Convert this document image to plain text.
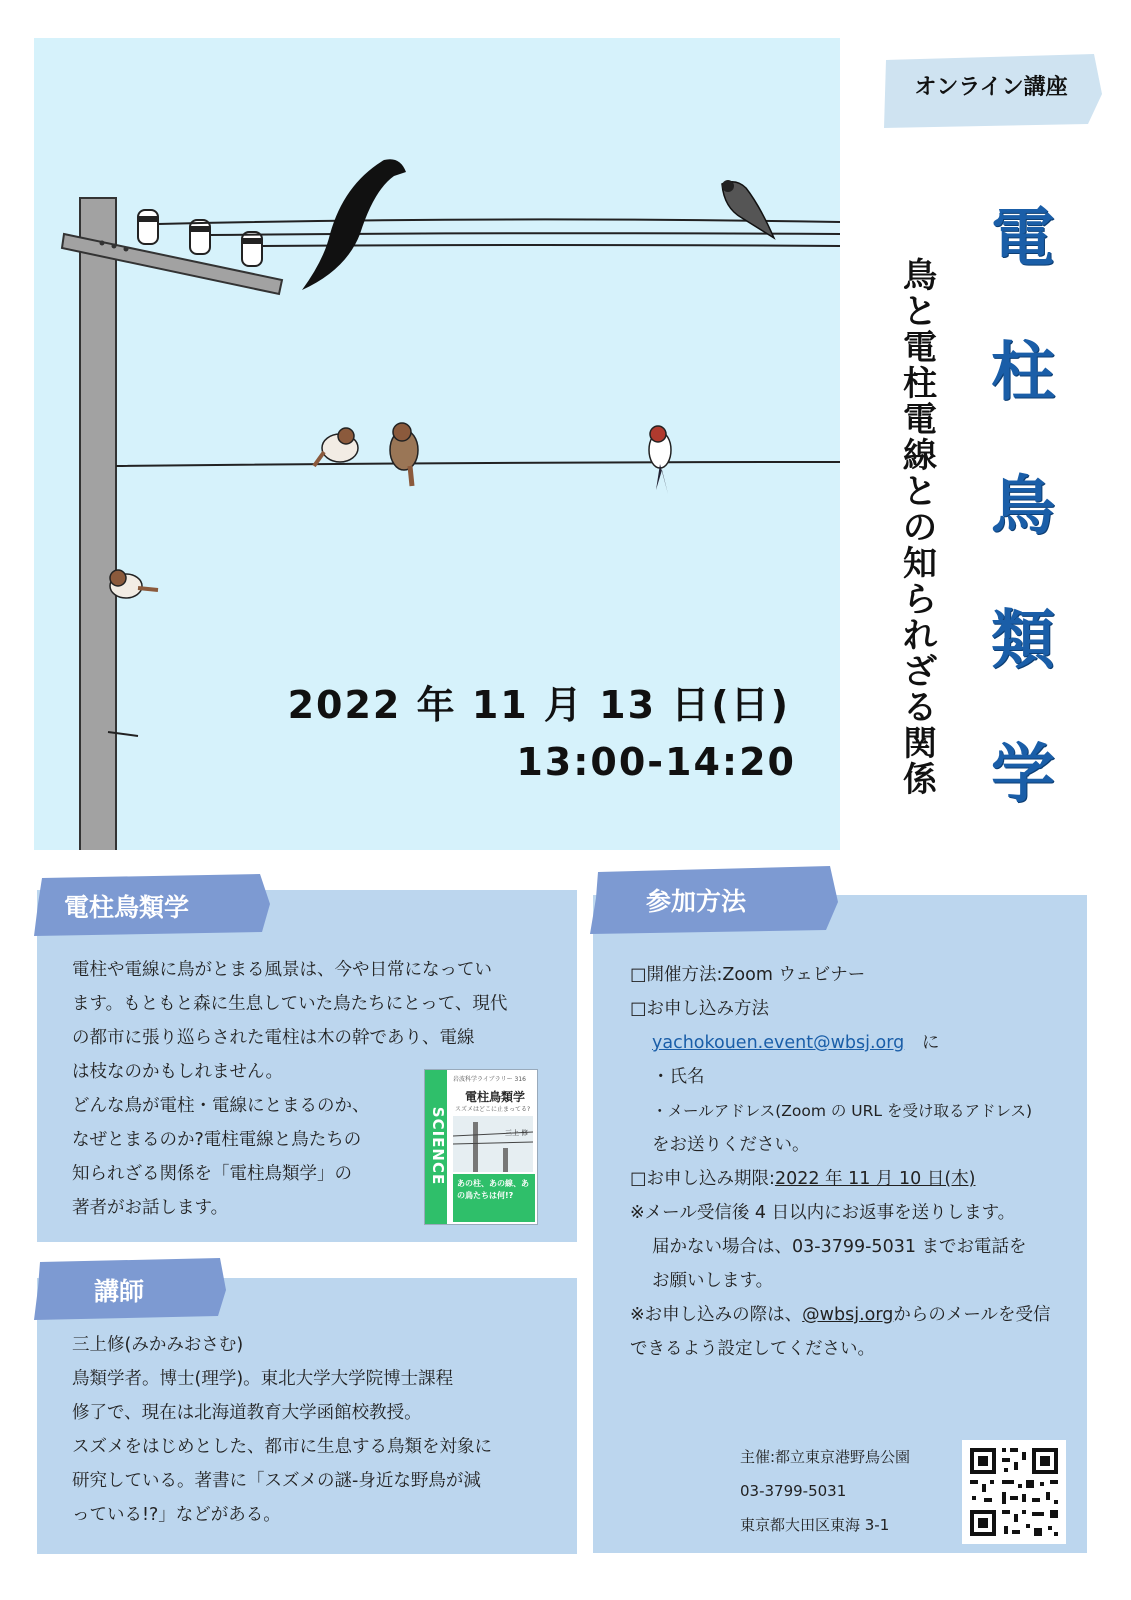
2022 年 11 月 13 日(日)
13:00-14:20
オンライン講座
電
柱
鳥
類
学
鳥
と
電
柱
電
線
と
の
知
ら
れ
ざ
る
関
係
電柱鳥類学
電柱や電線に鳥がとまる風景は、今や日常になってい
ます。もともと森に生息していた鳥たちにとって、現代
の都市に張り巡らされた電柱は木の幹であり、電線
は枝なのかもしれません。
どんな鳥が電柱・電線にとまるのか、
なぜとまるのか?電柱電線と鳥たちの
知られざる関係を「電柱鳥類学」の
著者がお話します。
SCIENCE
岩波科学ライブラリー 316
電柱鳥類学
スズメはどこに止まってる?
三上 修
あの柱、あの線、あの鳥たちは何!?
講師
三上修(みかみおさむ)
鳥類学者。博士(理学)。東北大学大学院博士課程
修了で、現在は北海道教育大学函館校教授。
スズメをはじめとした、都市に生息する鳥類を対象に
研究している。著書に「スズメの謎-身近な野鳥が減
っている!?」などがある。
参加方法
□開催方法:Zoom ウェビナー
□お申し込み方法
yachokouen.event@wbsj.org に
・氏名
・メールアドレス(Zoom の URL を受け取るアドレス)
をお送りください。
□お申し込み期限:2022 年 11 月 10 日(木)
※メール受信後 4 日以内にお返事を送りします。
届かない場合は、03-3799-5031 までお電話を
お願いします。
※お申し込みの際は、@wbsj.orgからのメールを受信
できるよう設定してください。
主催:都立東京港野鳥公園
03-3799-5031
東京都大田区東海 3-1
